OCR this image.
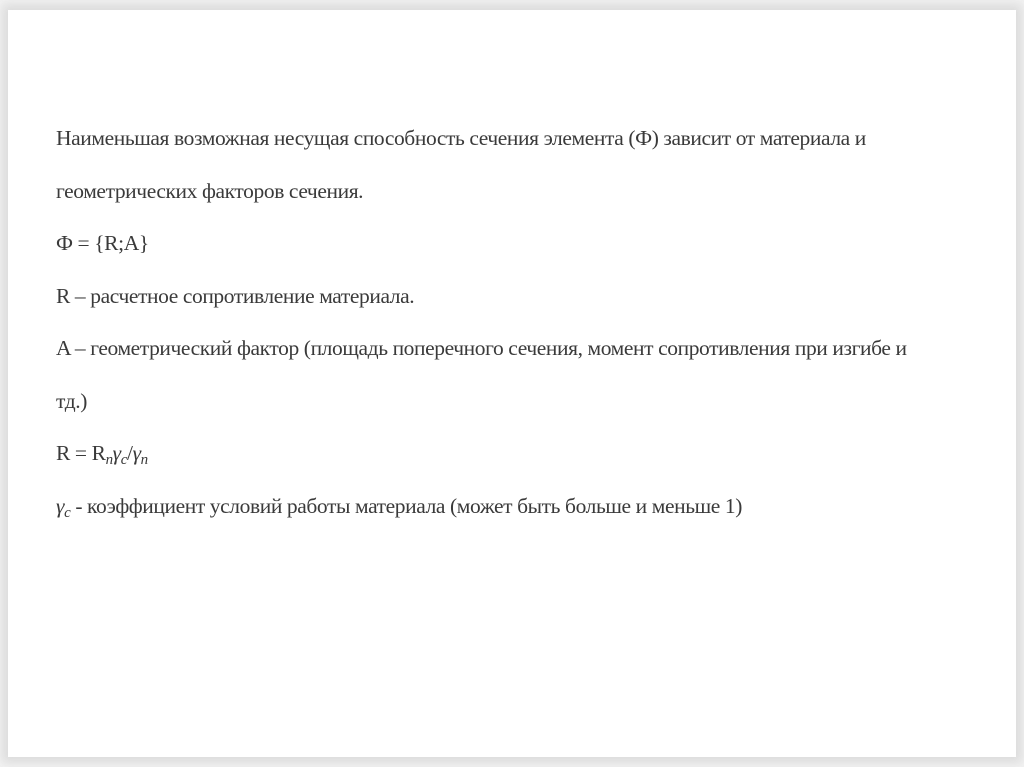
Наименьшая возможная несущая способность сечения элемента (Ф) зависит от материала и
геометрических факторов сечения.
Ф = {R;A}
R – расчетное сопротивление материала.
A – геометрический фактор (площадь поперечного сечения, момент сопротивления при изгибе и
тд.)
$R = R_n\gamma_c/\gamma_n$
$\gamma_c$ - коэффициент условий работы материала (может быть больше и меньше 1)
